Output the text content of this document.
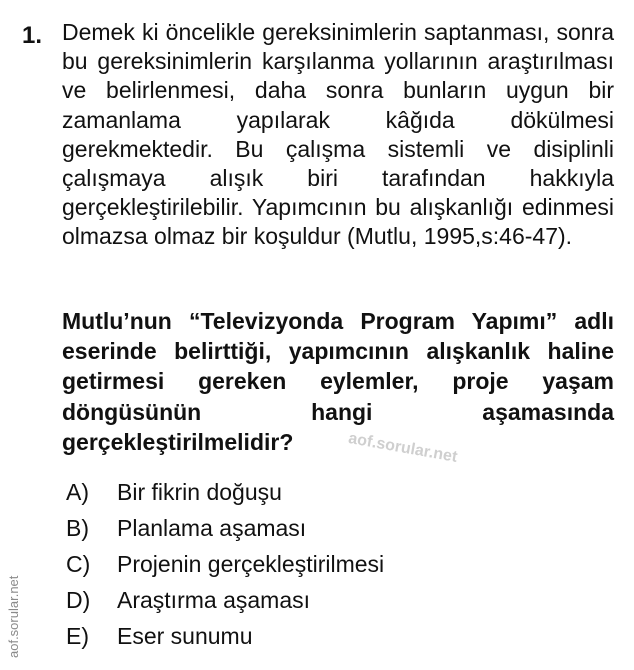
1. Demek ki öncelikle gereksinimlerin saptanması, sonra bu gereksinimlerin karşılanma yollarının araştırılması ve belirlenmesi, daha sonra bunların uygun bir zamanlama yapılarak kâğıda dökülmesi gerekmektedir. Bu çalışma sistemli ve disiplinli çalışmaya alışık biri tarafından hakkıyla gerçekleştirilebilir. Yapımcının bu alışkanlığı edinmesi olmazsa olmaz bir koşuldur (Mutlu, 1995,s:46-47).

Mutlu’nun “Televizyonda Program Yapımı” adlı eserinde belirttiği, yapımcının alışkanlık haline getirmesi gereken eylemler, proje yaşam döngüsünün hangi aşamasında gerçekleştirilmelidir?	aof.sorular.net
aof.sorular.net
A) Bir fikrin doğuşu
B) Planlama aşaması
C) Projenin gerçekleştirilmesi
D) Araştırma aşaması
E) Eser sunumu
